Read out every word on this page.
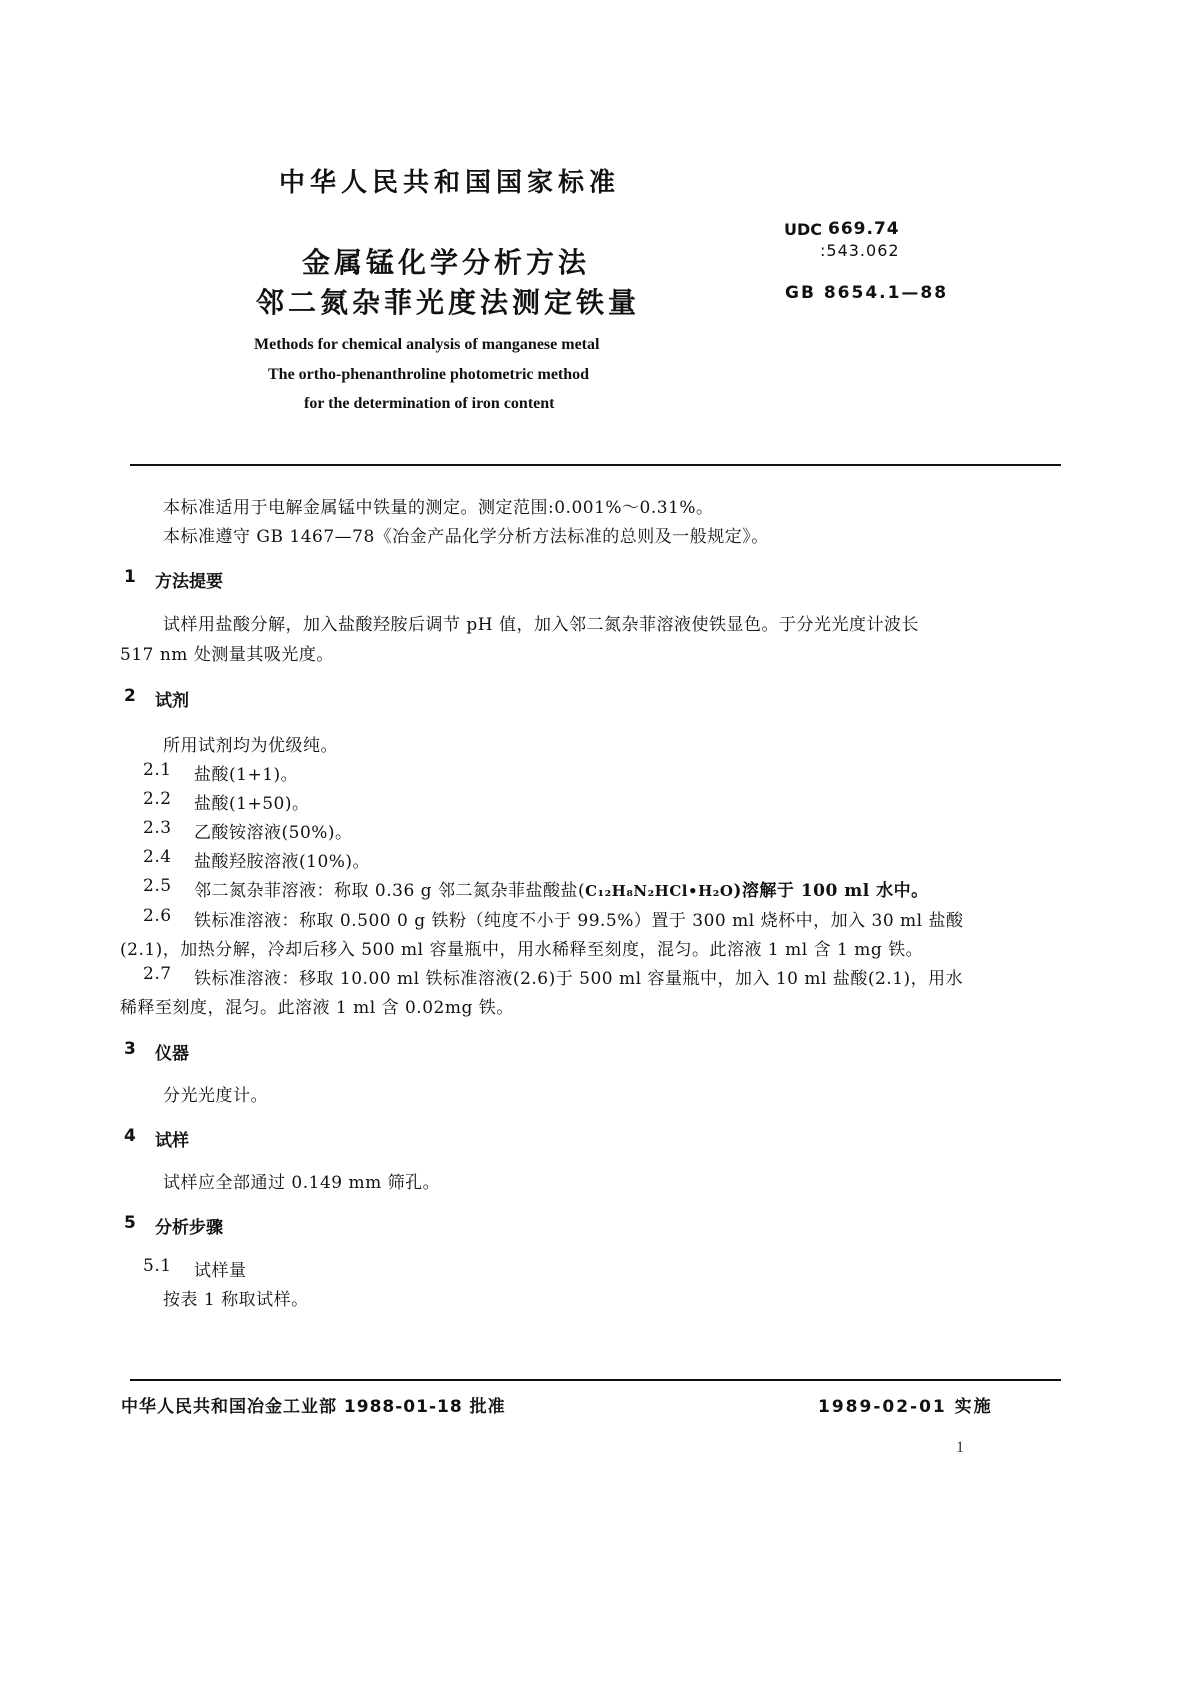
中华人民共和国国家标准
UDC 669.74
:543.062
GB 8654.1—88
金属锰化学分析方法
邻二氮杂菲光度法测定铁量
Methods for chemical analysis of manganese metal
The ortho-phenanthroline photometric method
for the determination of iron content
本标准适用于电解金属锰中铁量的测定。测定范围:0.001%～0.31%。
本标准遵守 GB 1467—78《冶金产品化学分析方法标准的总则及一般规定》。
1 方法提要
试样用盐酸分解，加入盐酸羟胺后调节 pH 值，加入邻二氮杂菲溶液使铁显色。于分光光度计波长
517 nm 处测量其吸光度。
2 试剂
所用试剂均为优级纯。
2.1 盐酸(1+1)。
2.2 盐酸(1+50)。
2.3 乙酸铵溶液(50%)。
2.4 盐酸羟胺溶液(10%)。
2.5 邻二氮杂菲溶液：称取 0.36 g 邻二氮杂菲盐酸盐(C₁₂H₈N₂HCl•H₂O)溶解于 100 ml 水中。
2.6 铁标准溶液：称取 0.500 0 g 铁粉（纯度不小于 99.5%）置于 300 ml 烧杯中，加入 30 ml 盐酸
(2.1)，加热分解，冷却后移入 500 ml 容量瓶中，用水稀释至刻度，混匀。此溶液 1 ml 含 1 mg 铁。
2.7 铁标准溶液：移取 10.00 ml 铁标准溶液(2.6)于 500 ml 容量瓶中，加入 10 ml 盐酸(2.1)，用水
稀释至刻度，混匀。此溶液 1 ml 含 0.02mg 铁。
3 仪器
分光光度计。
4 试样
试样应全部通过 0.149 mm 筛孔。
5 分析步骤
5.1 试样量
按表 1 称取试样。
中华人民共和国冶金工业部 1988-01-18 批准	1989-02-01 实施
1
